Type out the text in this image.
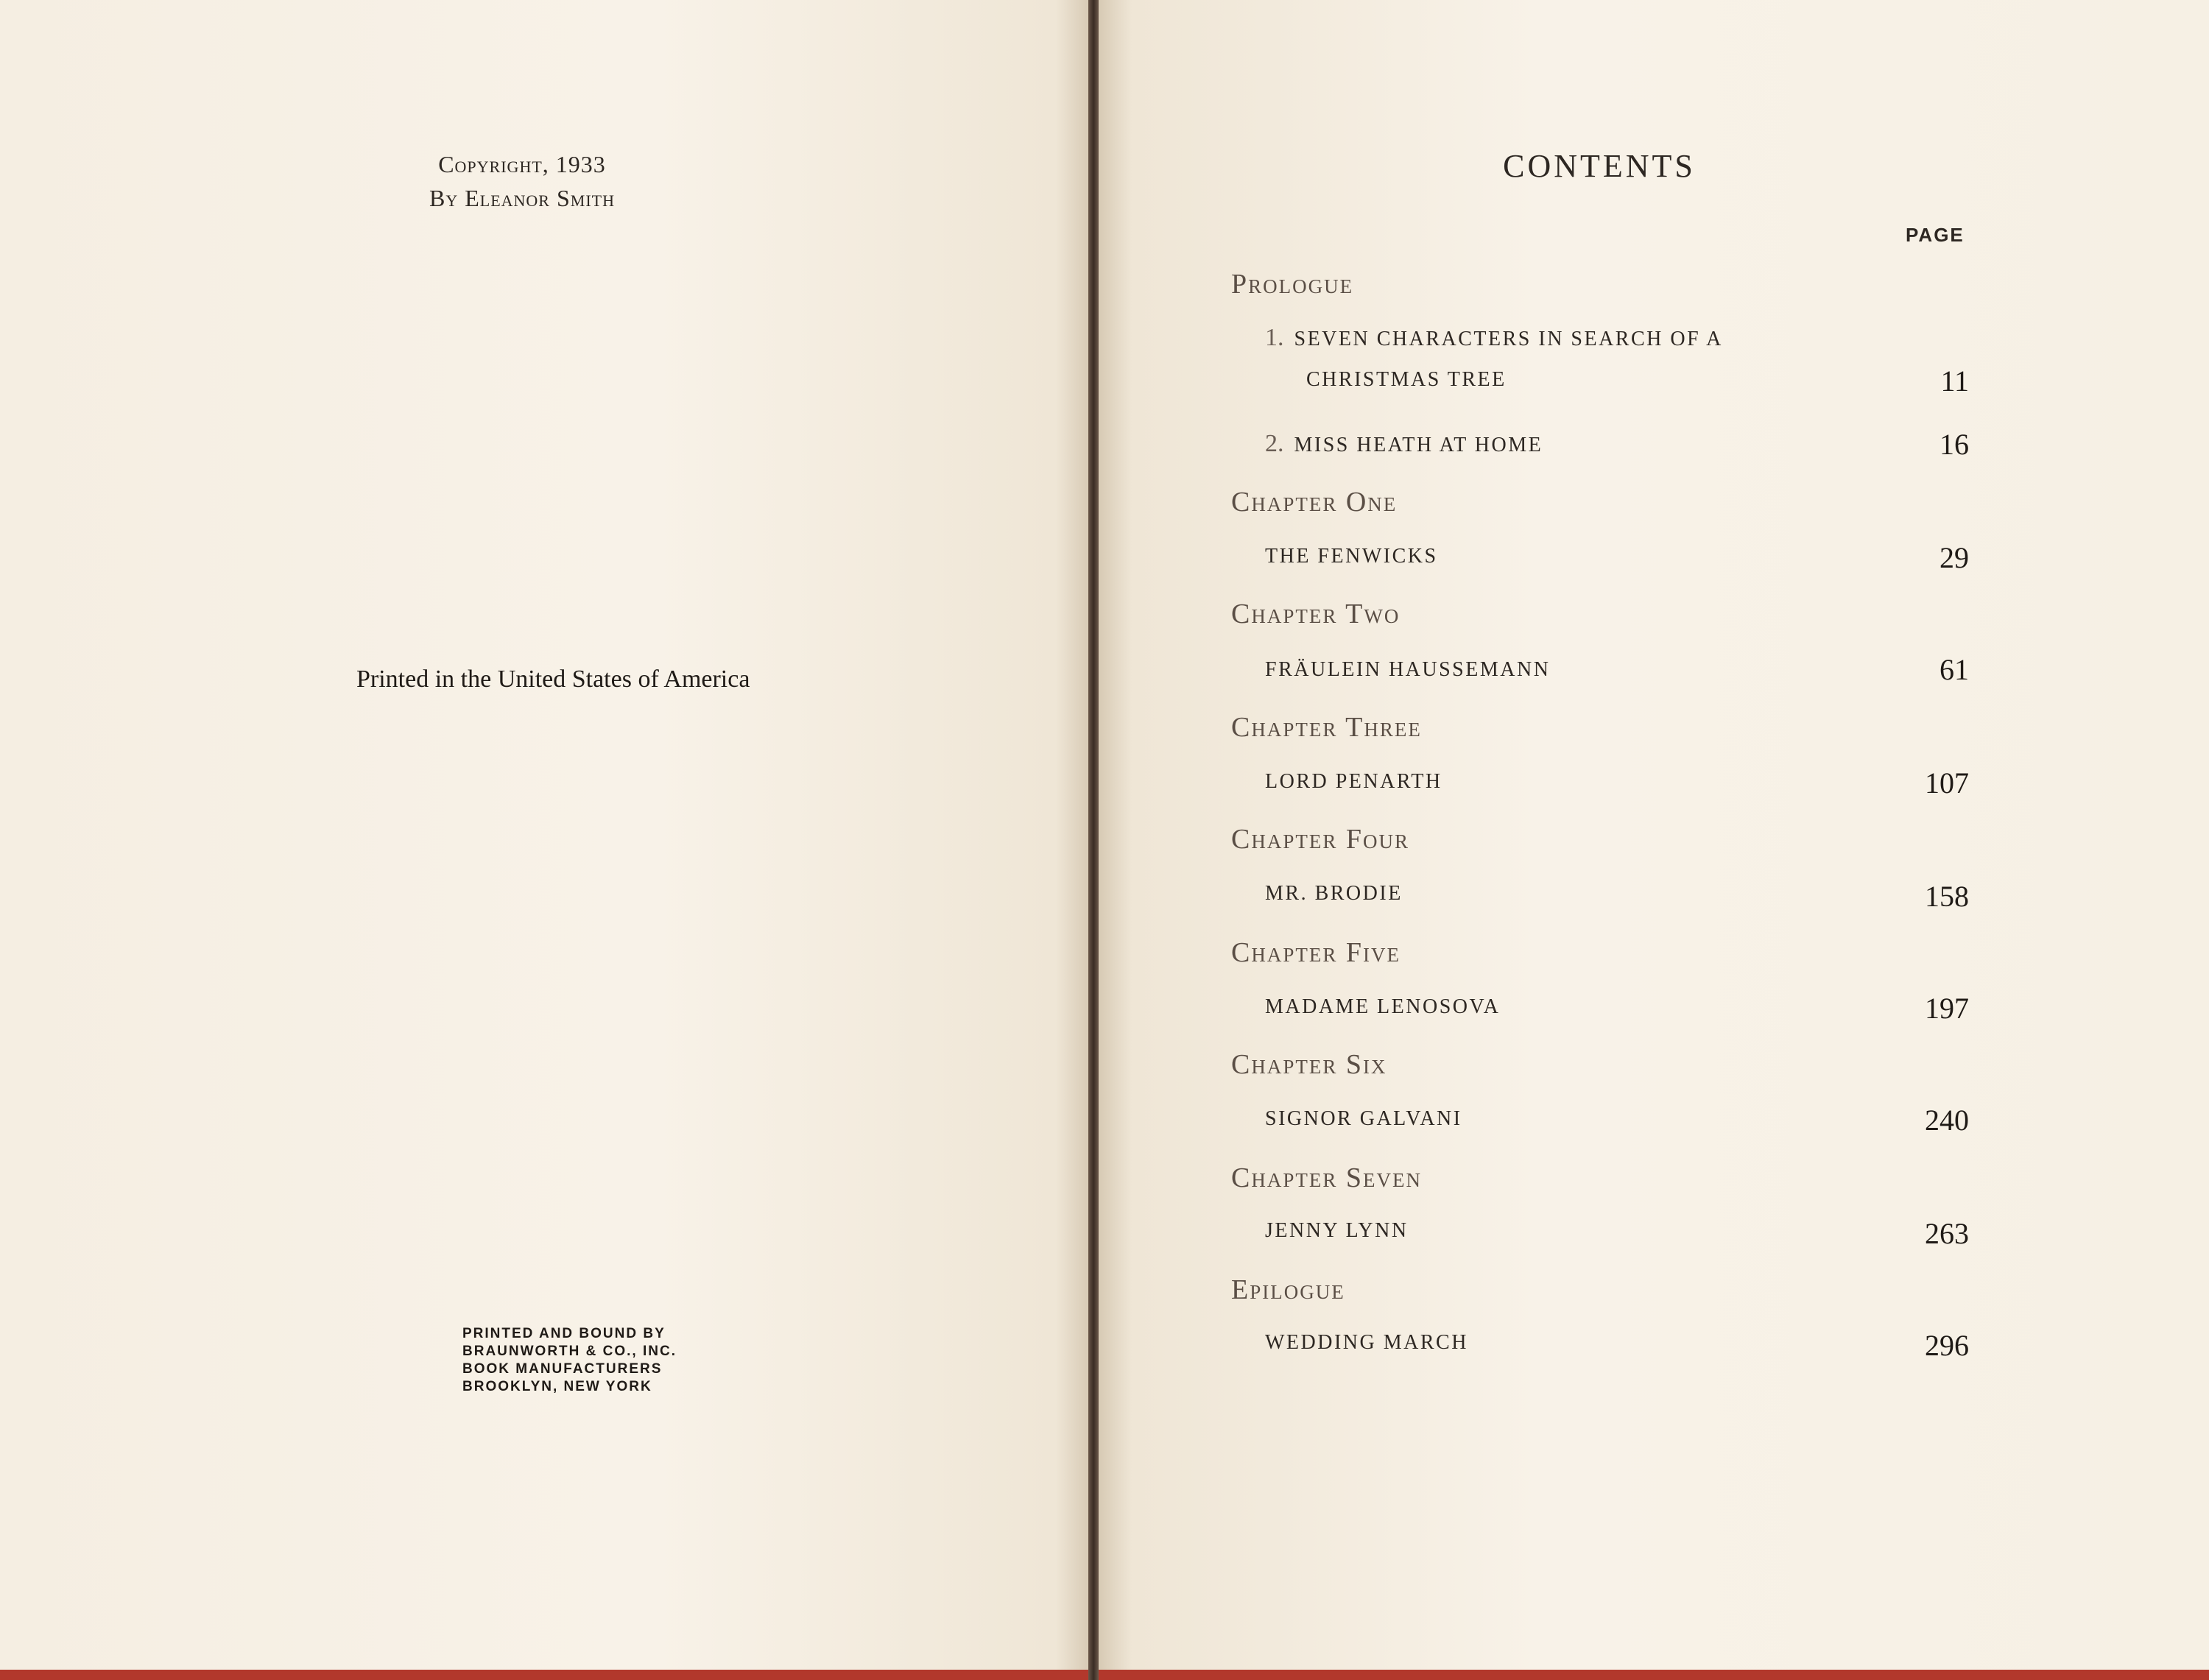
Copyright, 1933
By Eleanor Smith
Printed in the United States of America
PRINTED AND BOUND BY
BRAUNWORTH & CO., INC.
BOOK MANUFACTURERS
BROOKLYN, NEW YORK
CONTENTS
PAGE
Prologue
1. SEVEN CHARACTERS IN SEARCH OF A
CHRISTMAS TREE	11
2. MISS HEATH AT HOME	16
Chapter One
THE FENWICKS	29
Chapter Two
FRÄULEIN HAUSSEMANN	61
Chapter Three
LORD PENARTH	107
Chapter Four
MR. BRODIE	158
Chapter Five
MADAME LENOSOVA	197
Chapter Six
SIGNOR GALVANI	240
Chapter Seven
JENNY LYNN	263
Epilogue
WEDDING MARCH	296
